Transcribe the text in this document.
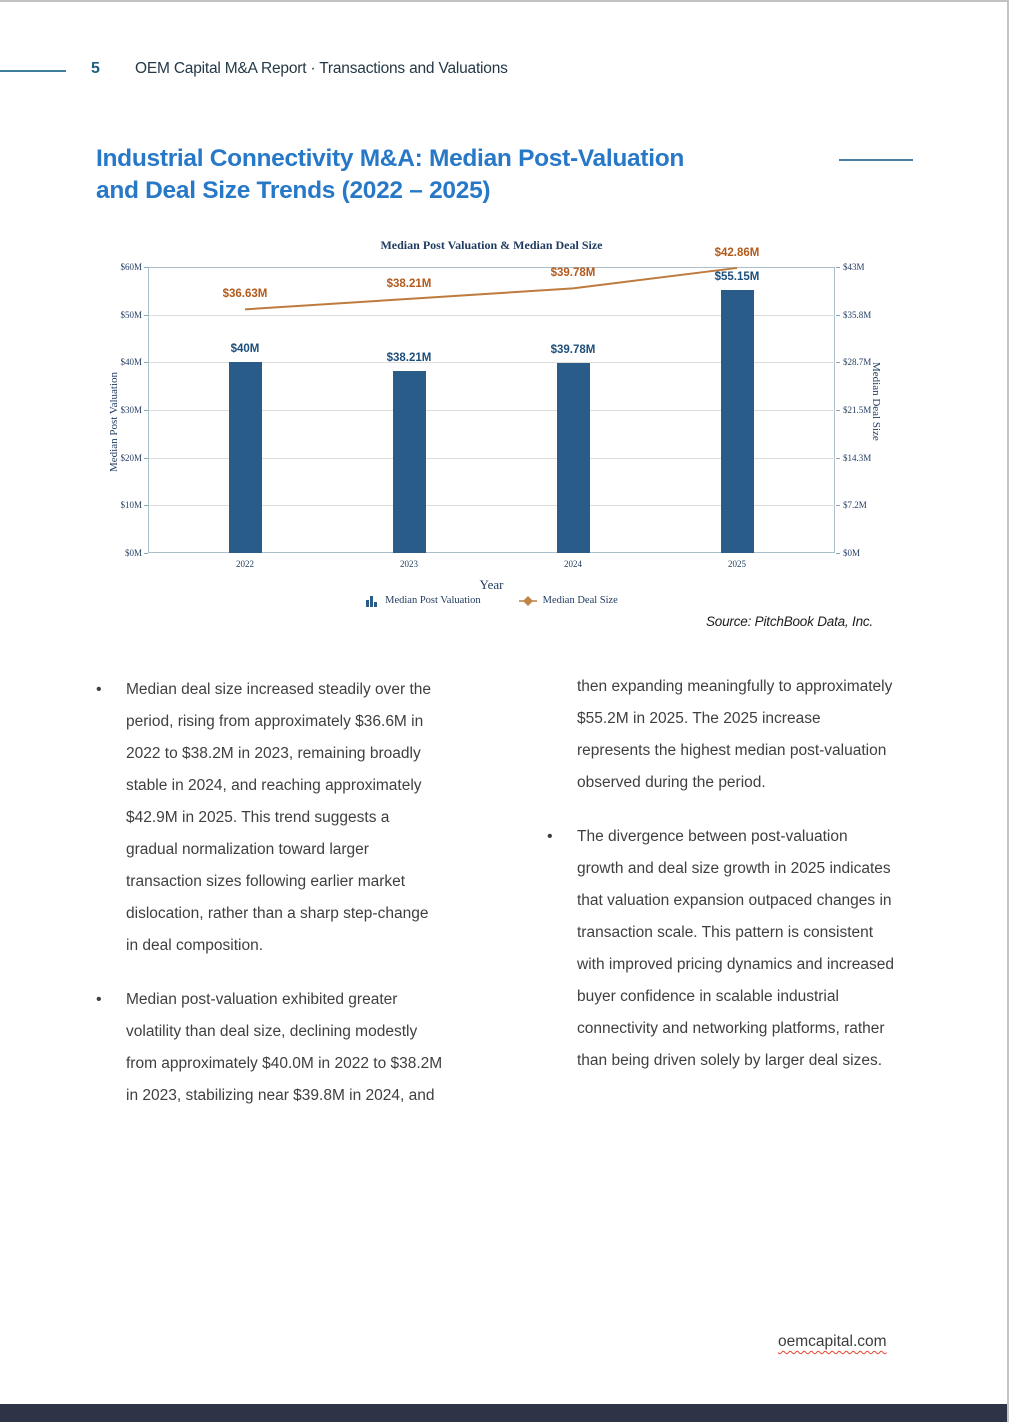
5 OEM Capital M&A Report · Transactions and Valuations
Industrial Connectivity M&A: Median Post-Valuation
and Deal Size Trends (2022 – 2025)
Median Post Valuation & Median Deal Size
Median Post Valuation	Median Deal Size
$0M	$0M
$10M	$7.2M
$20M	$14.3M
$30M	$21.5M
$40M	$28.7M
$50M	$35.8M
$60M	$43M
$40M
2022
$38.21M
2023
$39.78M
2024
$55.15M
2025
$36.63M
$38.21M
$39.78M
$42.86M
Median Post Valuation	Median Deal Size
Year
Source: PitchBook Data, Inc.
•
Median deal size increased steadily over the period, rising from approximately $36.6M in 2022 to $38.2M in 2023, remaining broadly stable in 2024, and reaching approximately $42.9M in 2025. This trend suggests a gradual normalization toward larger transaction sizes following earlier market dislocation, rather than a sharp step-change in deal composition.
•
Median post-valuation exhibited greater volatility than deal size, declining modestly from approximately $40.0M in 2022 to $38.2M in 2023, stabilizing near $39.8M in 2024, and
then expanding meaningfully to approximately $55.2M in 2025. The 2025 increase represents the highest median post-valuation observed during the period.
•
The divergence between post-valuation growth and deal size growth in 2025 indicates that valuation expansion outpaced changes in transaction scale. This pattern is consistent with improved pricing dynamics and increased buyer confidence in scalable industrial connectivity and networking platforms, rather than being driven solely by larger deal sizes.
oemcapital.com
